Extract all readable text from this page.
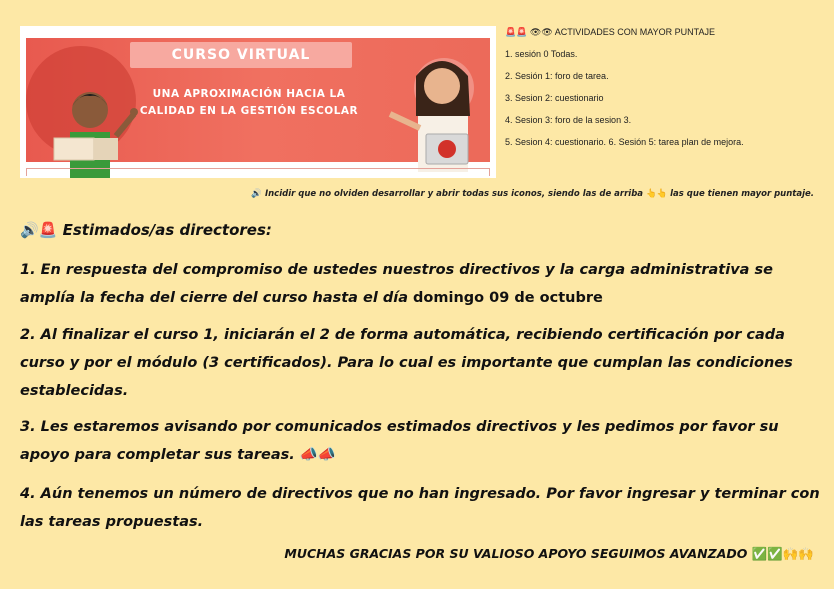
CURSO VIRTUAL
UNA APROXIMACIÓN HACIA LA
CALIDAD EN LA GESTIÓN ESCOLAR
🚨🚨 👁👁 ACTIVIDADES CON MAYOR PUNTAJE
1. sesión 0 Todas.
2. Sesión 1: foro de tarea.
3. Sesion 2: cuestionario
4. Sesion 3: foro de la sesion 3.
5. Sesion 4: cuestionario. 6. Sesión 5: tarea plan de mejora.
🔊 Incidir que no olviden desarrollar y abrir todas sus iconos, siendo las de arriba 👆👆 las que tienen mayor puntaje.
🔊🚨 Estimados/as directores:
1. En respuesta del compromiso de ustedes nuestros directivos y la carga administrativa se amplía la fecha del cierre del curso hasta el día domingo 09 de octubre
2. Al finalizar el curso 1, iniciarán el 2 de forma automática, recibiendo certificación por cada curso y por el módulo (3 certificados). Para lo cual es importante que cumplan las condiciones establecidas.
3. Les estaremos avisando por comunicados estimados directivos y les pedimos por favor su apoyo para completar sus tareas. 📣📣
4. Aún tenemos un número de directivos que no han ingresado. Por favor ingresar y terminar con las tareas propuestas.
MUCHAS GRACIAS POR SU VALIOSO APOYO SEGUIMOS AVANZADO ✅✅🙌🙌
